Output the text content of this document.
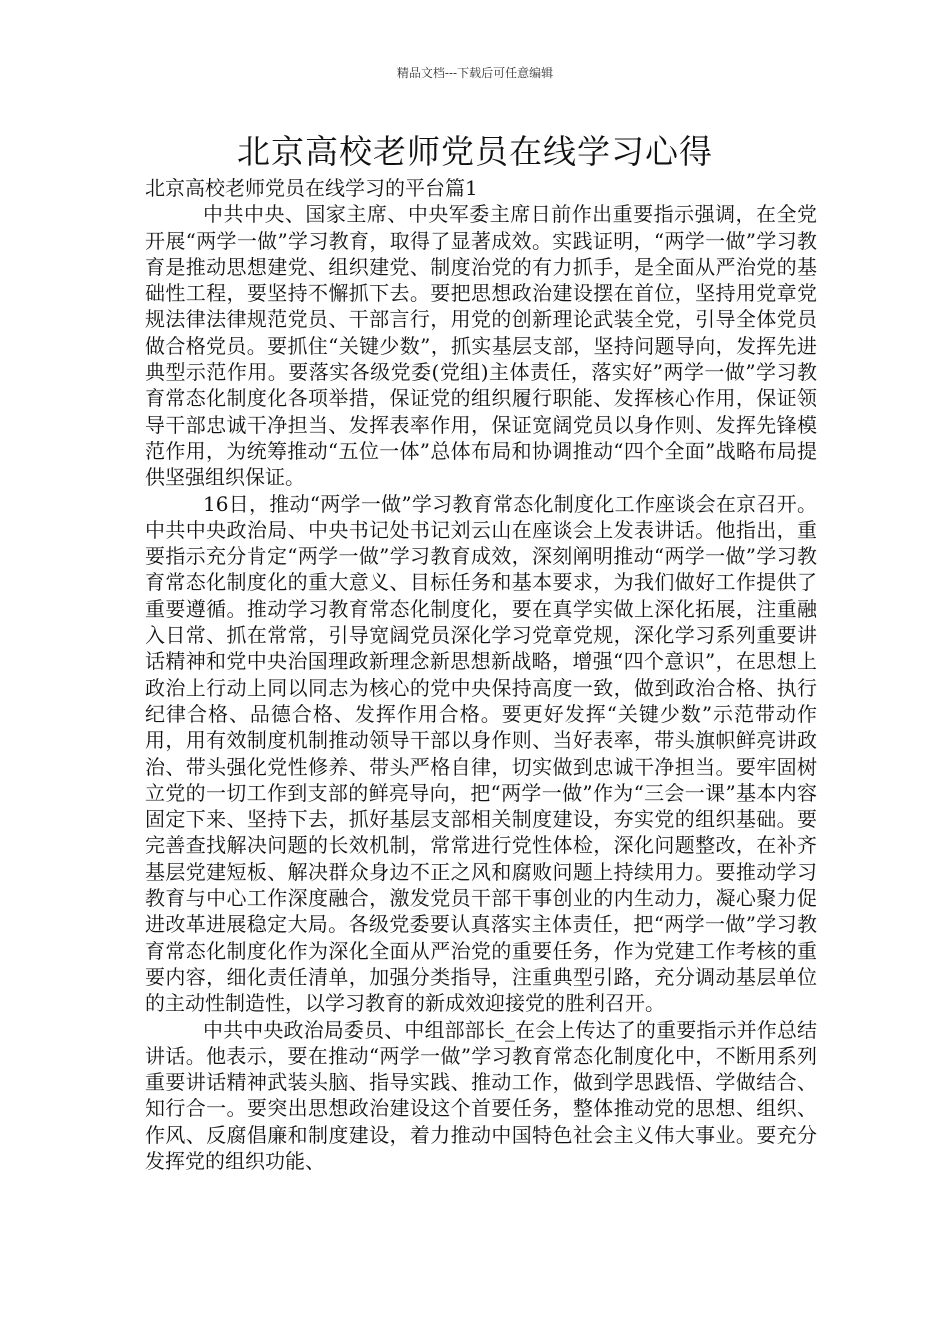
精品文档---下载后可任意编辑
北京高校老师党员在线学习心得

北京高校老师党员在线学习的平台篇1

中共中央、国家主席、中央军委主席日前作出重要指示强调，在全党开展“两学一做”学习教育，取得了显著成效。实践证明，“两学一做”学习教育是推动思想建党、组织建党、制度治党的有力抓手，是全面从严治党的基础性工程，要坚持不懈抓下去。要把思想政治建设摆在首位，坚持用党章党规法律法律规范党员、干部言行，用党的创新理论武装全党，引导全体党员做合格党员。要抓住“关键少数”，抓实基层支部，坚持问题导向，发挥先进典型示范作用。要落实各级党委(党组)主体责任，落实好”两学一做”学习教育常态化制度化各项举措，保证党的组织履行职能、发挥核心作用，保证领导干部忠诚干净担当、发挥表率作用，保证宽阔党员以身作则、发挥先锋模范作用，为统筹推动“五位一体”总体布局和协调推动“四个全面”战略布局提供坚强组织保证。

16日，推动“两学一做”学习教育常态化制度化工作座谈会在京召开。中共中央政治局、中央书记处书记刘云山在座谈会上发表讲话。他指出，重要指示充分肯定“两学一做”学习教育成效，深刻阐明推动“两学一做”学习教育常态化制度化的重大意义、目标任务和基本要求，为我们做好工作提供了重要遵循。推动学习教育常态化制度化，要在真学实做上深化拓展，注重融入日常、抓在常常，引导宽阔党员深化学习党章党规，深化学习系列重要讲话精神和党中央治国理政新理念新思想新战略，增强“四个意识”，在思想上政治上行动上同以同志为核心的党中央保持高度一致，做到政治合格、执行纪律合格、品德合格、发挥作用合格。要更好发挥“关键少数”示范带动作用，用有效制度机制推动领导干部以身作则、当好表率，带头旗帜鲜亮讲政治、带头强化党性修养、带头严格自律，切实做到忠诚干净担当。要牢固树立党的一切工作到支部的鲜亮导向，把“两学一做”作为“三会一课”基本内容固定下来、坚持下去，抓好基层支部相关制度建设，夯实党的组织基础。要完善查找解决问题的长效机制，常常进行党性体检，深化问题整改，在补齐基层党建短板、解决群众身边不正之风和腐败问题上持续用力。要推动学习教育与中心工作深度融合，激发党员干部干事创业的内生动力，凝心聚力促进改革进展稳定大局。各级党委要认真落实主体责任，把“两学一做”学习教育常态化制度化作为深化全面从严治党的重要任务，作为党建工作考核的重要内容，细化责任清单，加强分类指导，注重典型引路，充分调动基层单位的主动性制造性，以学习教育的新成效迎接党的胜利召开。

中共中央政治局委员、中组部部长_在会上传达了的重要指示并作总结讲话。他表示，要在推动“两学一做”学习教育常态化制度化中，不断用系列重要讲话精神武装头脑、指导实践、推动工作，做到学思践悟、学做结合、知行合一。要突出思想政治建设这个首要任务，整体推动党的思想、组织、作风、反腐倡廉和制度建设，着力推动中国特色社会主义伟大事业。要充分发挥党的组织功能、
